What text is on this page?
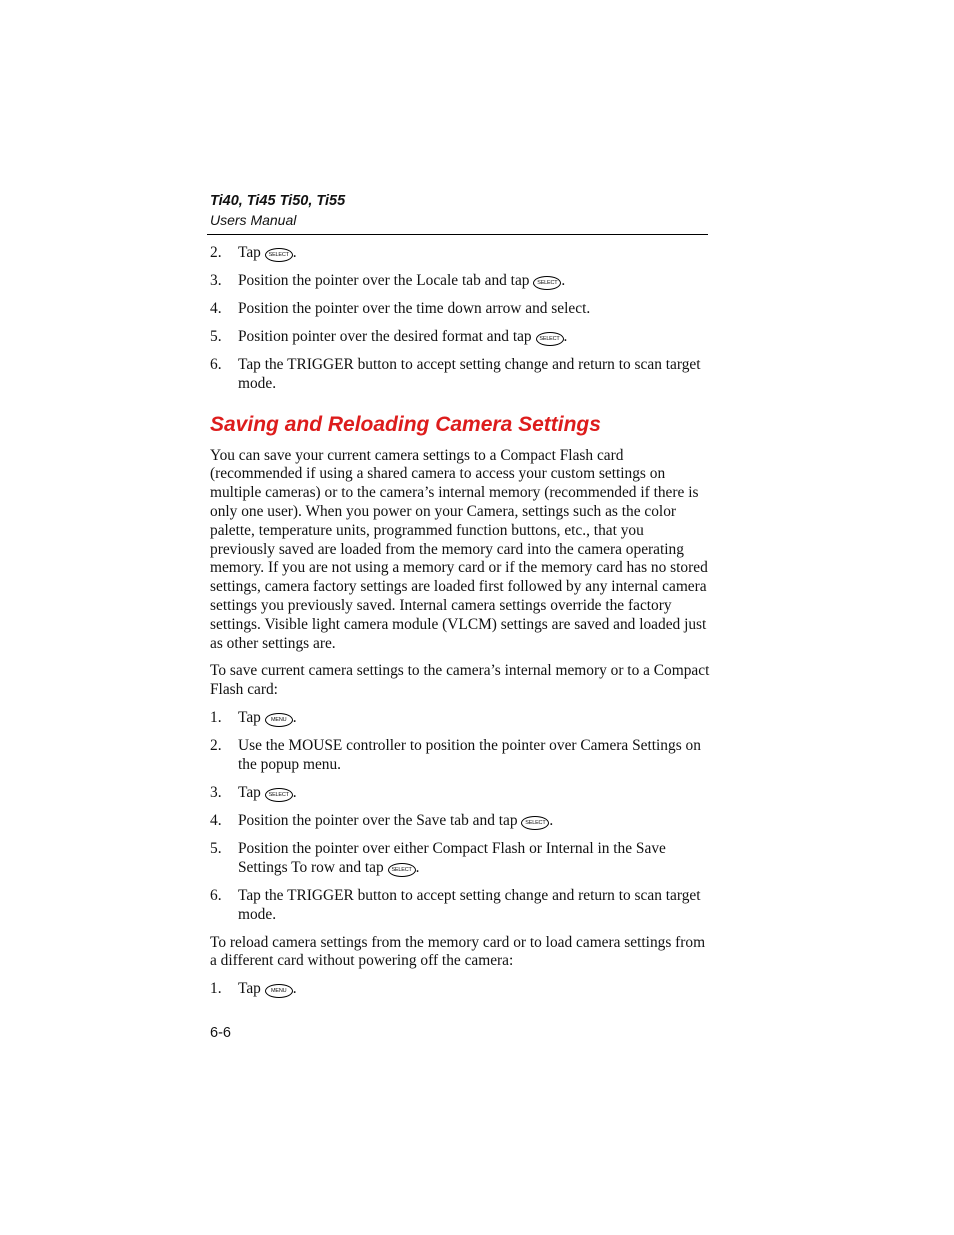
Ti40, Ti45 Ti50, Ti55
Users Manual
2. Tap SELECT .
3. Position the pointer over the Locale tab and tap SELECT .
4. Position the pointer over the time down arrow and select.
5. Position pointer over the desired format and tap SELECT .
6. Tap the TRIGGER button to accept setting change and return to scan target mode.
Saving and Reloading Camera Settings

You can save your current camera settings to a Compact Flash card (recommended if using a shared camera to access your custom settings on multiple cameras) or to the camera’s internal memory (recommended if there is only one user). When you power on your Camera, settings such as the color palette, temperature units, programmed function buttons, etc., that you previously saved are loaded from the memory card into the camera operating memory. If you are not using a memory card or if the memory card has no stored settings, camera factory settings are loaded first followed by any internal camera settings you previously saved. Internal camera settings override the factory settings. Visible light camera module (VLCM) settings are saved and loaded just as other settings are.

To save current camera settings to the camera’s internal memory or to a Compact Flash card:

1. Tap MENU .
2. Use the MOUSE controller to position the pointer over Camera Settings on the popup menu.
3. Tap SELECT .
4. Position the pointer over the Save tab and tap SELECT .
5. Position the pointer over either Compact Flash or Internal in the Save Settings To row and tap SELECT .
6. Tap the TRIGGER button to accept setting change and return to scan target mode.

To reload camera settings from the memory card or to load camera settings from a different card without powering off the camera:

1. Tap MENU .
6-6
